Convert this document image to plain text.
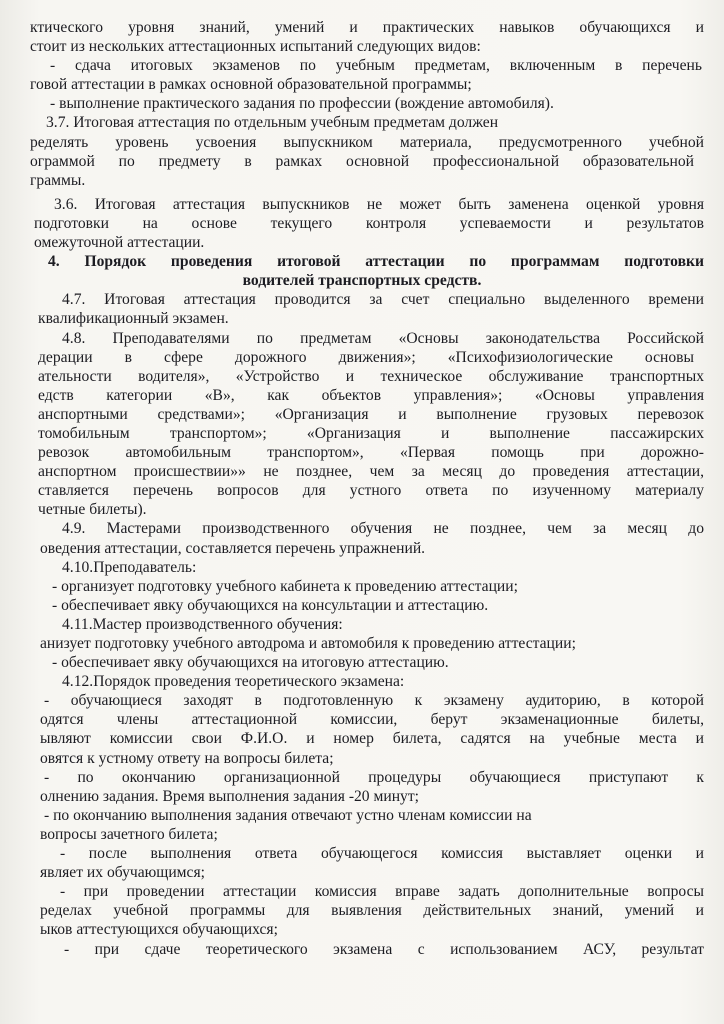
ктического уровня знаний, умений и практических навыков обучающихся и
стоит из нескольких аттестационных испытаний следующих видов:
- сдача итоговых экзаменов по учебным предметам, включенным в перечень
говой аттестации в рамках основной образовательной программы;
- выполнение практического задания по профессии (вождение автомобиля).
3.7. Итоговая аттестация по отдельным учебным предметам должен
ределять уровень усвоения выпускником материала, предусмотренного учебной
ограммой по предмету в рамках основной профессиональной образовательной
граммы.
3.6. Итоговая аттестация выпускников не может быть заменена оценкой уровня
подготовки на основе текущего контроля успеваемости и результатов
омежуточной аттестации.
4. Порядок проведения итоговой аттестации по программам подготовки
водителей транспортных средств.
4.7. Итоговая аттестация проводится за счет специально выделенного времени
квалификационный экзамен.
4.8. Преподавателями по предметам «Основы законодательства Российской
дерации в сфере дорожного движения»; «Психофизиологические основы
ательности водителя», «Устройство и техническое обслуживание транспортных
едств категории «В», как объектов управления»; «Основы управления
анспортными средствами»; «Организация и выполнение грузовых перевозок
томобильным транспортом»; «Организация и выполнение пассажирских
ревозок автомобильным транспортом», «Первая помощь при дорожно-
анспортном происшествии»» не позднее, чем за месяц до проведения аттестации,
ставляется перечень вопросов для устного ответа по изученному материалу
четные билеты).
4.9. Мастерами производственного обучения не позднее, чем за месяц до
оведения аттестации, составляется перечень упражнений.
4.10.Преподаватель:
- организует подготовку учебного кабинета к проведению аттестации;
- обеспечивает явку обучающихся на консультации и аттестацию.
4.11.Мастер производственного обучения:
анизует подготовку учебного автодрома и автомобиля к проведению аттестации;
- обеспечивает явку обучающихся на итоговую аттестацию.
4.12.Порядок проведения теоретического экзамена:
- обучающиеся заходят в подготовленную к экзамену аудиторию, в которой
одятся члены аттестационной комиссии, берут экзаменационные билеты,
ывляют комиссии свои Ф.И.О. и номер билета, садятся на учебные места и
овятся к устному ответу на вопросы билета;
- по окончанию организационной процедуры обучающиеся приступают к
олнению задания. Время выполнения задания -20 минут;
- по окончанию выполнения задания отвечают устно членам комиссии на
вопросы зачетного билета;
- после выполнения ответа обучающегося комиссия выставляет оценки и
являет их обучающимся;
- при проведении аттестации комиссия вправе задать дополнительные вопросы
ределах учебной программы для выявления действительных знаний, умений и
ыков аттестующихся обучающихся;
- при сдаче теоретического экзамена с использованием АСУ, результат
